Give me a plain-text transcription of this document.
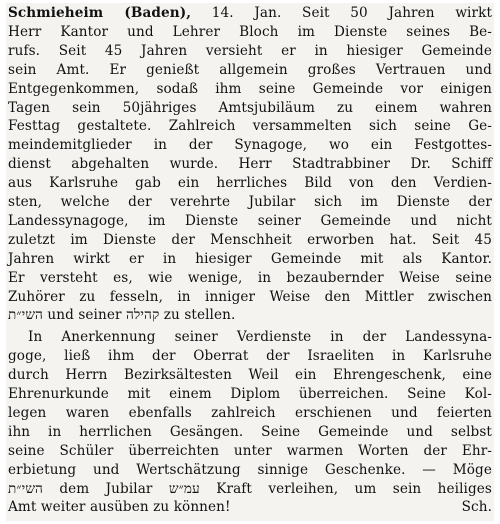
Schmieheim (Baden), 14. Jan. Seit 50 Jahren wirkt
Herr Kantor und Lehrer Bloch im Dienste seines Be-
rufs. Seit 45 Jahren versieht er in hiesiger Gemeinde
sein Amt. Er genießt allgemein großes Vertrauen und
Entgegenkommen, sodaß ihm seine Gemeinde vor einigen
Tagen sein 50jähriges Amtsjubiläum zu einem wahren
Festtag gestaltete. Zahlreich versammelten sich seine Ge-
meindemitglieder in der Synagoge, wo ein Festgottes-
dienst abgehalten wurde. Herr Stadtrabbiner Dr. Schiff
aus Karlsruhe gab ein herrliches Bild von den Verdien-
sten, welche der verehrte Jubilar sich im Dienste der
Landessynagoge, im Dienste seiner Gemeinde und nicht
zuletzt im Dienste der Menschheit erworben hat. Seit 45
Jahren wirkt er in hiesiger Gemeinde mit als Kantor.
Er versteht es, wie wenige, in bezaubernder Weise seine
Zuhörer zu fesseln, in inniger Weise den Mittler zwischen
השי״ת und seiner קהילה zu stellen.
In Anerkennung seiner Verdienste in der Landessyna-
goge, ließ ihm der Oberrat der Israeliten in Karlsruhe
durch Herrn Bezirksältesten Weil ein Ehrengeschenk, eine
Ehrenurkunde mit einem Diplom überreichen. Seine Kol-
legen waren ebenfalls zahlreich erschienen und feierten
ihn in herrlichen Gesängen. Seine Gemeinde und selbst
seine Schüler überreichten unter warmen Worten der Ehr-
erbietung und Wertschätzung sinnige Geschenke. — Möge
השי״ת dem Jubilar עמ״ש Kraft verleihen, um sein heiliges
Amt weiter ausüben zu können!	Sch.
